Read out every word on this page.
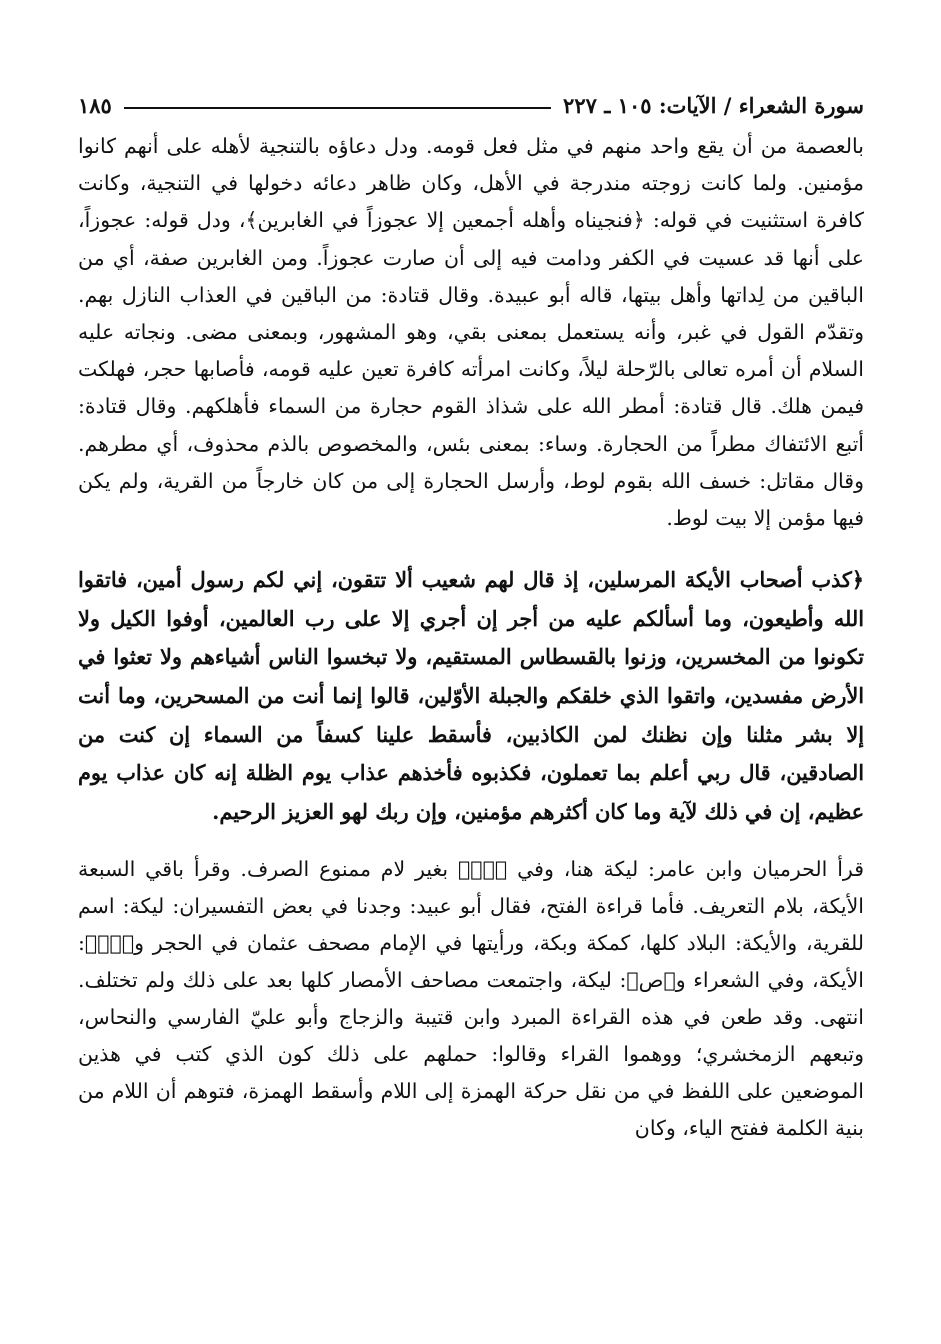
سورة الشعراء / الآيات: ١٠٥ ـ ٢٢٧
١٨٥

بالعصمة من أن يقع واحد منهم في مثل فعل قومه. ودل دعاؤه بالتنجية لأهله على أنهم كانوا مؤمنين. ولما كانت زوجته مندرجة في الأهل، وكان ظاهر دعائه دخولها في التنجية، وكانت كافرة استثنيت في قوله: ﴿فنجيناه وأهله أجمعين إلا عجوزاً في الغابرين﴾، ودل قوله: عجوزاً، على أنها قد عسيت في الكفر ودامت فيه إلى أن صارت عجوزاً. ومن الغابرين صفة، أي من الباقين من لِداتها وأهل بيتها، قاله أبو عبيدة. وقال قتادة: من الباقين في العذاب النازل بهم. وتقدّم القول في غبر، وأنه يستعمل بمعنى بقي، وهو المشهور، وبمعنى مضى. ونجاته عليه السلام أن أمره تعالى بالرّحلة ليلاً، وكانت امرأته كافرة تعين عليه قومه، فأصابها حجر، فهلكت فيمن هلك. قال قتادة: أمطر الله على شذاذ القوم حجارة من السماء فأهلكهم. وقال قتادة: أتبع الائتفاك مطراً من الحجارة. وساء: بمعنى بئس، والمخصوص بالذم محذوف، أي مطرهم. وقال مقاتل: خسف الله بقوم لوط، وأرسل الحجارة إلى من كان خارجاً من القرية، ولم يكن فيها مؤمن إلا بيت لوط.

﴿كذب أصحاب الأيكة المرسلين، إذ قال لهم شعيب ألا تتقون، إني لكم رسول أمين، فاتقوا الله وأطيعون، وما أسألكم عليه من أجر إن أجري إلا على رب العالمين، أوفوا الكيل ولا تكونوا من المخسرين، وزنوا بالقسطاس المستقيم، ولا تبخسوا الناس أشياءهم ولا تعثوا في الأرض مفسدين، واتقوا الذي خلقكم والجبلة الأوّلين، قالوا إنما أنت من المسحرين، وما أنت إلا بشر مثلنا وإن نظنك لمن الكاذبين، فأسقط علينا كسفاً من السماء إن كنت من الصادقين، قال ربي أعلم بما تعملون، فكذبوه فأخذهم عذاب يوم الظلة إنه كان عذاب يوم عظيم، إن في ذلك لآية وما كان أكثرهم مؤمنين، وإن ربك لهو العزيز الرحيم.

قرأ الحرميان وابن عامر: ليكة هنا، وفي ﴿صۤ﴾ بغير لام ممنوع الصرف. وقرأ باقي السبعة الأيكة، بلام التعريف. فأما قراءة الفتح، فقال أبو عبيد: وجدنا في بعض التفسيران: ليكة: اسم للقرية، والأيكة: البلاد كلها، كمكة وبكة، ورأيتها في الإمام مصحف عثمان في الحجر و﴿قۤ﴾: الأيكة، وفي الشعراء و﴿ص﴾: ليكة، واجتمعت مصاحف الأمصار كلها بعد على ذلك ولم تختلف. انتهى. وقد طعن في هذه القراءة المبرد وابن قتيبة والزجاج وأبو عليّ الفارسي والنحاس، وتبعهم الزمخشري؛ ووهموا القراء وقالوا: حملهم على ذلك كون الذي كتب في هذين الموضعين على اللفظ في من نقل حركة الهمزة إلى اللام وأسقط الهمزة، فتوهم أن اللام من بنية الكلمة ففتح الياء، وكان
